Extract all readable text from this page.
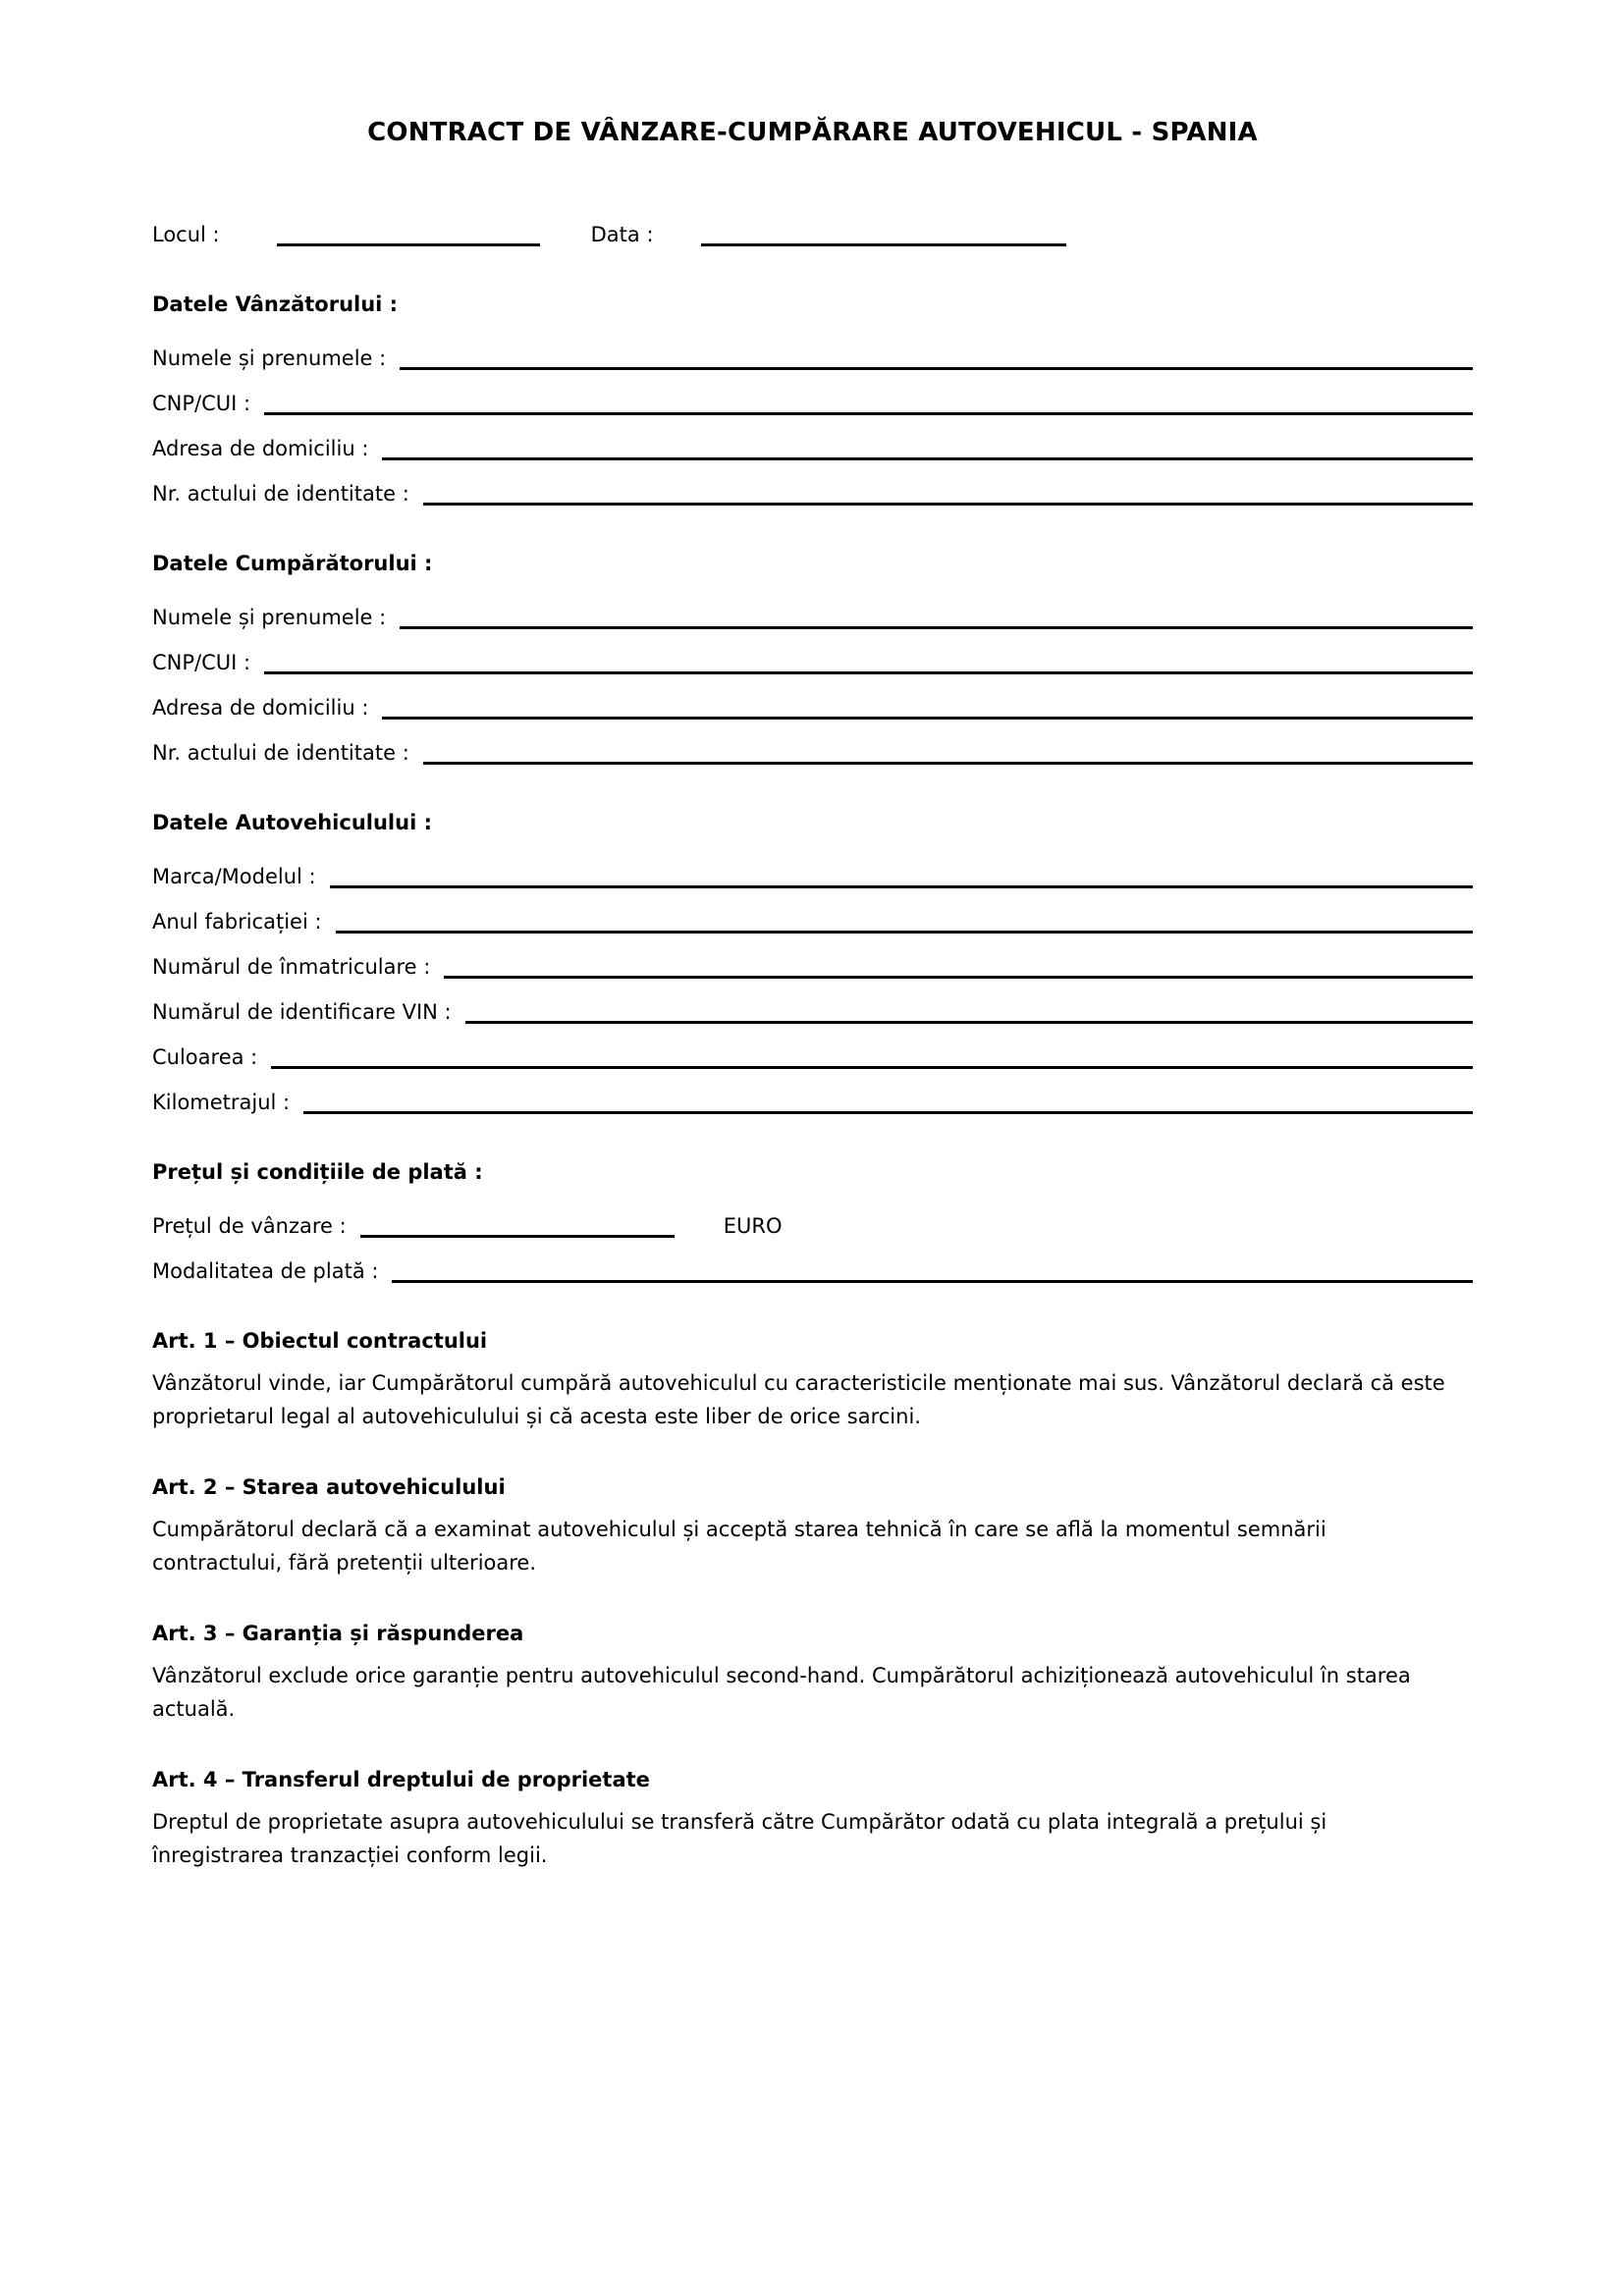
CONTRACT DE VÂNZARE-CUMPĂRARE AUTOVEHICUL - SPANIA
Locul :	Data :
Datele Vânzătorului :
Numele și prenumele :
CNP/CUI :
Adresa de domiciliu :
Nr. actului de identitate :
Datele Cumpărătorului :
Numele și prenumele :
CNP/CUI :
Adresa de domiciliu :
Nr. actului de identitate :
Datele Autovehiculului :
Marca/Modelul :
Anul fabricației :
Numărul de înmatriculare :
Numărul de identificare VIN :
Culoarea :
Kilometrajul :
Prețul și condițiile de plată :
Prețul de vânzare :	EURO
Modalitatea de plată :
Art. 1 – Obiectul contractului

Vânzătorul vinde, iar Cumpărătorul cumpără autovehiculul cu caracteristicile menționate mai sus. Vânzătorul declară că este proprietarul legal al autovehiculului și că acesta este liber de orice sarcini.

Art. 2 – Starea autovehiculului

Cumpărătorul declară că a examinat autovehiculul și acceptă starea tehnică în care se află la momentul semnării contractului, fără pretenții ulterioare.

Art. 3 – Garanția și răspunderea

Vânzătorul exclude orice garanție pentru autovehiculul second-hand. Cumpărătorul achiziționează autovehiculul în starea actuală.

Art. 4 – Transferul dreptului de proprietate

Dreptul de proprietate asupra autovehiculului se transferă către Cumpărător odată cu plata integrală a prețului și înregistrarea tranzacției conform legii.
